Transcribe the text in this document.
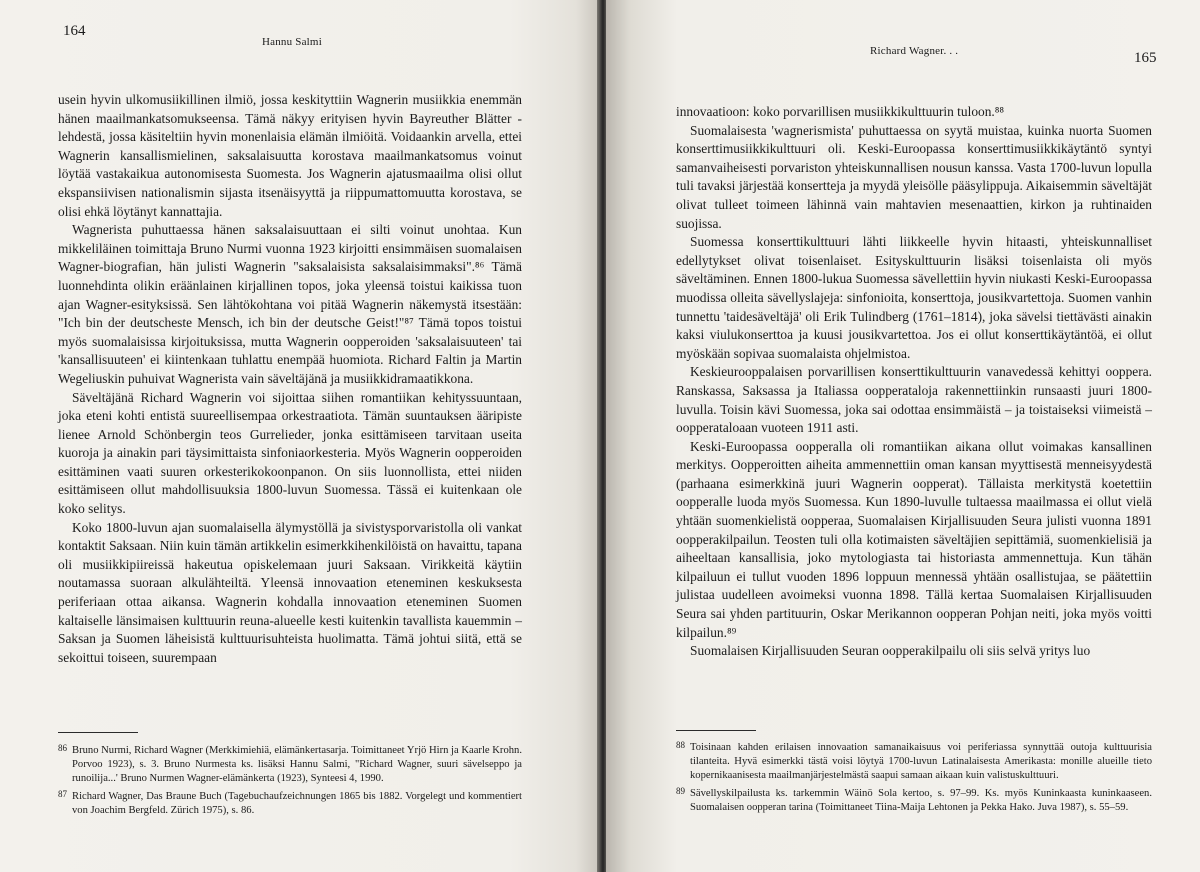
164
Hannu Salmi

usein hyvin ulkomusiikillinen ilmiö, jossa keskityttiin Wagnerin musiikkia enemmän hänen maailmankatsomukseensa. Tämä näkyy erityisen hyvin Bayreuther Blätter -lehdestä, jossa käsiteltiin hyvin monenlaisia elämän ilmiöitä. Voidaankin arvella, ettei Wagnerin kansallismielinen, saksalaisuutta korostava maailmankatsomus voinut löytää vastakaikua autonomisesta Suomesta. Jos Wagnerin ajatusmaailma olisi ollut ekspansiivisen nationalismin sijasta itsenäisyyttä ja riippumattomuutta korostava, se olisi ehkä löytänyt kannattajia.

Wagnerista puhuttaessa hänen saksalaisuuttaan ei silti voinut unohtaa. Kun mikkeliläinen toimittaja Bruno Nurmi vuonna 1923 kirjoitti ensimmäisen suomalaisen Wagner-biografian, hän julisti Wagnerin "saksalaisista saksalaisimmaksi".⁸⁶ Tämä luonnehdinta olikin eräänlainen kirjallinen topos, joka yleensä toistui kaikissa tuon ajan Wagner-esityksissä. Sen lähtökohtana voi pitää Wagnerin näkemystä itsestään: "Ich bin der deutscheste Mensch, ich bin der deutsche Geist!"⁸⁷ Tämä topos toistui myös suomalaisissa kirjoituksissa, mutta Wagnerin oopperoiden 'saksalaisuuteen' tai 'kansallisuuteen' ei kiintenkaan tuhlattu enempää huomiota. Richard Faltin ja Martin Wegeliuskin puhuivat Wagnerista vain säveltäjänä ja musiikkidramaatikkona.

Säveltäjänä Richard Wagnerin voi sijoittaa siihen romantiikan kehityssuuntaan, joka eteni kohti entistä suureellisempaa orkestraatiota. Tämän suuntauksen ääripiste lienee Arnold Schönbergin teos Gurrelieder, jonka esittämiseen tarvitaan useita kuoroja ja ainakin pari täysimittaista sinfoniaorkesteria. Myös Wagnerin oopperoiden esittäminen vaati suuren orkesterikokoonpanon. On siis luonnollista, ettei niiden esittämiseen ollut mahdollisuuksia 1800-luvun Suomessa. Tässä ei kuitenkaan ole koko selitys.

Koko 1800-luvun ajan suomalaisella älymystöllä ja sivistysporvaristolla oli vankat kontaktit Saksaan. Niin kuin tämän artikkelin esimerkkihenkilöistä on havaittu, tapana oli musiikkipiireissä hakeutua opiskelemaan juuri Saksaan. Virikkeitä käytiin noutamassa suoraan alkulähteiltä. Yleensä innovaation eteneminen keskuksesta periferiaan ottaa aikansa. Wagnerin kohdalla innovaation eteneminen Suomen kaltaiselle länsimaisen kulttuurin reuna-alueelle kesti kuitenkin tavallista kauemmin – Saksan ja Suomen läheisistä kulttuurisuhteista huolimatta. Tämä johtui siitä, että se sekoittui toiseen, suurempaan

86 Bruno Nurmi, Richard Wagner (Merkkimiehiä, elämänkertasarja. Toimittaneet Yrjö Hirn ja Kaarle Krohn. Porvoo 1923), s. 3. Bruno Nurmesta ks. lisäksi Hannu Salmi, "Richard Wagner, suuri sävelseppo ja runoilija...' Bruno Nurmen Wagner-elämänkerta (1923), Synteesi 4, 1990.
87 Richard Wagner, Das Braune Buch (Tagebuchaufzeichnungen 1865 bis 1882. Vorgelegt und kommentiert von Joachim Bergfeld. Zürich 1975), s. 86.
Richard Wagner. . .	165

innovaatioon: koko porvarillisen musiikkikulttuurin tuloon.⁸⁸

Suomalaisesta 'wagnerismista' puhuttaessa on syytä muistaa, kuinka nuorta Suomen konserttimusiikkikulttuuri oli. Keski-Euroopassa konserttimusiikkikäytäntö syntyi samanvaiheisesti porvariston yhteiskunnallisen nousun kanssa. Vasta 1700-luvun lopulla tuli tavaksi järjestää konsertteja ja myydä yleisölle pääsylippuja. Aikaisemmin säveltäjät olivat tulleet toimeen lähinnä vain mahtavien mesenaattien, kirkon ja ruhtinaiden suojissa.

Suomessa konserttikulttuuri lähti liikkeelle hyvin hitaasti, yhteiskunnalliset edellytykset olivat toisenlaiset. Esityskulttuurin lisäksi toisenlaista oli myös säveltäminen. Ennen 1800-lukua Suomessa sävellettiin hyvin niukasti Keski-Euroopassa muodissa olleita sävellyslajeja: sinfonioita, konserttoja, jousikvartettoja. Suomen vanhin tunnettu 'taidesäveltäjä' oli Erik Tulindberg (1761–1814), joka sävelsi tiettävästi ainakin kaksi viulukonserttoa ja kuusi jousikvartettoa. Jos ei ollut konserttikäytäntöä, ei ollut myöskään sopivaa suomalaista ohjelmistoa.

Keskieurooppalaisen porvarillisen konserttikulttuurin vanavedessä kehittyi ooppera. Ranskassa, Saksassa ja Italiassa oopperataloja rakennettiinkin runsaasti juuri 1800-luvulla. Toisin kävi Suomessa, joka sai odottaa ensimmäistä – ja toistaiseksi viimeistä – oopperataloaan vuoteen 1911 asti.

Keski-Euroopassa oopperalla oli romantiikan aikana ollut voimakas kansallinen merkitys. Oopperoitten aiheita ammennettiin oman kansan myyttisestä menneisyydestä (parhaana esimerkkinä juuri Wagnerin oopperat). Tällaista merkitystä koetettiin oopperalle luoda myös Suomessa. Kun 1890-luvulle tultaessa maailmassa ei ollut vielä yhtään suomenkielistä oopperaa, Suomalaisen Kirjallisuuden Seura julisti vuonna 1891 oopperakilpailun. Teosten tuli olla kotimaisten säveltäjien sepittämiä, suomenkielisiä ja aiheeltaan kansallisia, joko mytologiasta tai historiasta ammennettuja. Kun tähän kilpailuun ei tullut vuoden 1896 loppuun mennessä yhtään osallistujaa, se päätettiin julistaa uudelleen avoimeksi vuonna 1898. Tällä kertaa Suomalaisen Kirjallisuuden Seura sai yhden partituurin, Oskar Merikannon oopperan Pohjan neiti, joka myös voitti kilpailun.⁸⁹

Suomalaisen Kirjallisuuden Seuran oopperakilpailu oli siis selvä yritys luo

88 Toisinaan kahden erilaisen innovaation samanaikaisuus voi periferiassa synnyttää outoja kulttuurisia tilanteita. Hyvä esimerkki tästä voisi löytyä 1700-luvun Latinalaisesta Amerikasta: monille alueille tieto kopernikaanisesta maailmanjärjestelmästä saapui samaan aikaan kuin valistuskulttuuri.
89 Sävellyskilpailusta ks. tarkemmin Wäinö Sola kertoo, s. 97–99. Ks. myös Kuninkaasta kuninkaaseen. Suomalaisen oopperan tarina (Toimittaneet Tiina-Maija Lehtonen ja Pekka Hako. Juva 1987), s. 55–59.
